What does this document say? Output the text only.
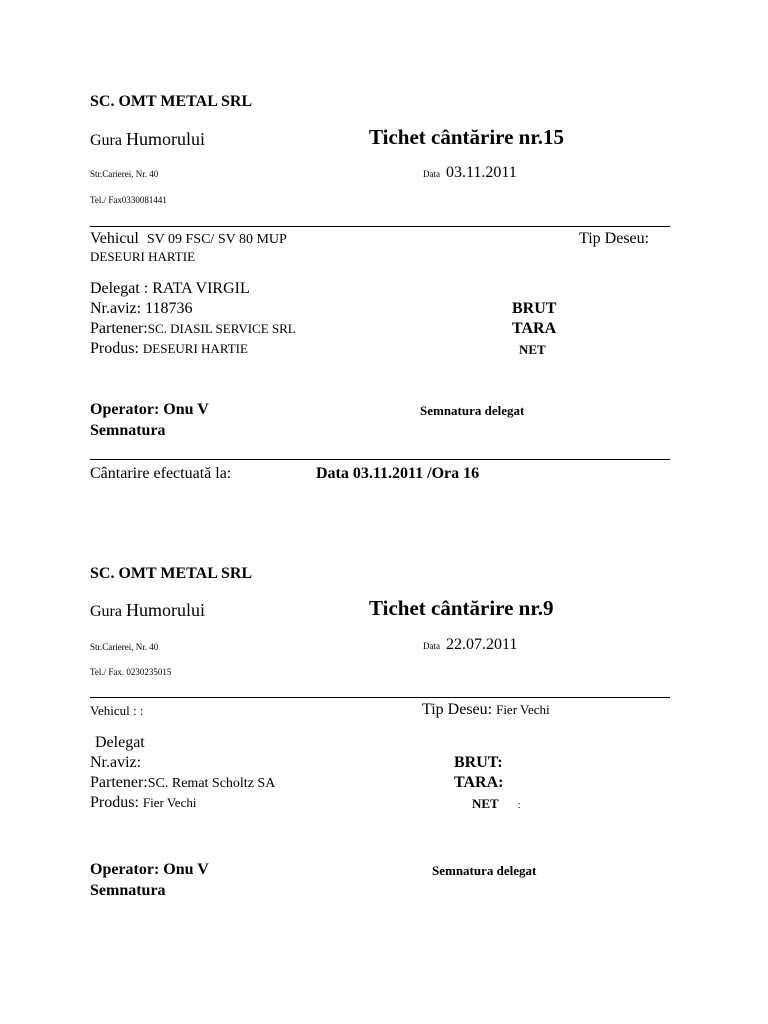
SC. OMT METAL SRL
Gura Humorului	Tichet cântărire nr.15
Str.Carierei, Nr. 40	Data 03.11.2011
Tel./ Fax0330081441
Vehicul SV 09 FSC/ SV 80 MUP	Tip Deseu:
DESEURI HARTIE
Delegat : RATA VIRGIL
Nr.aviz: 118736
Partener:SC. DIASIL SERVICE SRL
Produs: DESEURI HARTIE
BRUT
TARA
NET
Operator: Onu V	Semnatura delegat
Semnatura
Cântarire efectuată la:	Data 03.11.2011 /Ora 16
SC. OMT METAL SRL
Gura Humorului	Tichet cântărire nr.9
Str.Carierei, Nr. 40	Data 22.07.2011
Tel./ Fax. 0230235015
Vehicul : :	Tip Deseu: Fier Vechi
Delegat
Nr.aviz:
Partener:SC. Remat Scholtz SA
Produs: Fier Vechi
BRUT:
TARA:
NET :
Operator: Onu V	Semnatura delegat
Semnatura
